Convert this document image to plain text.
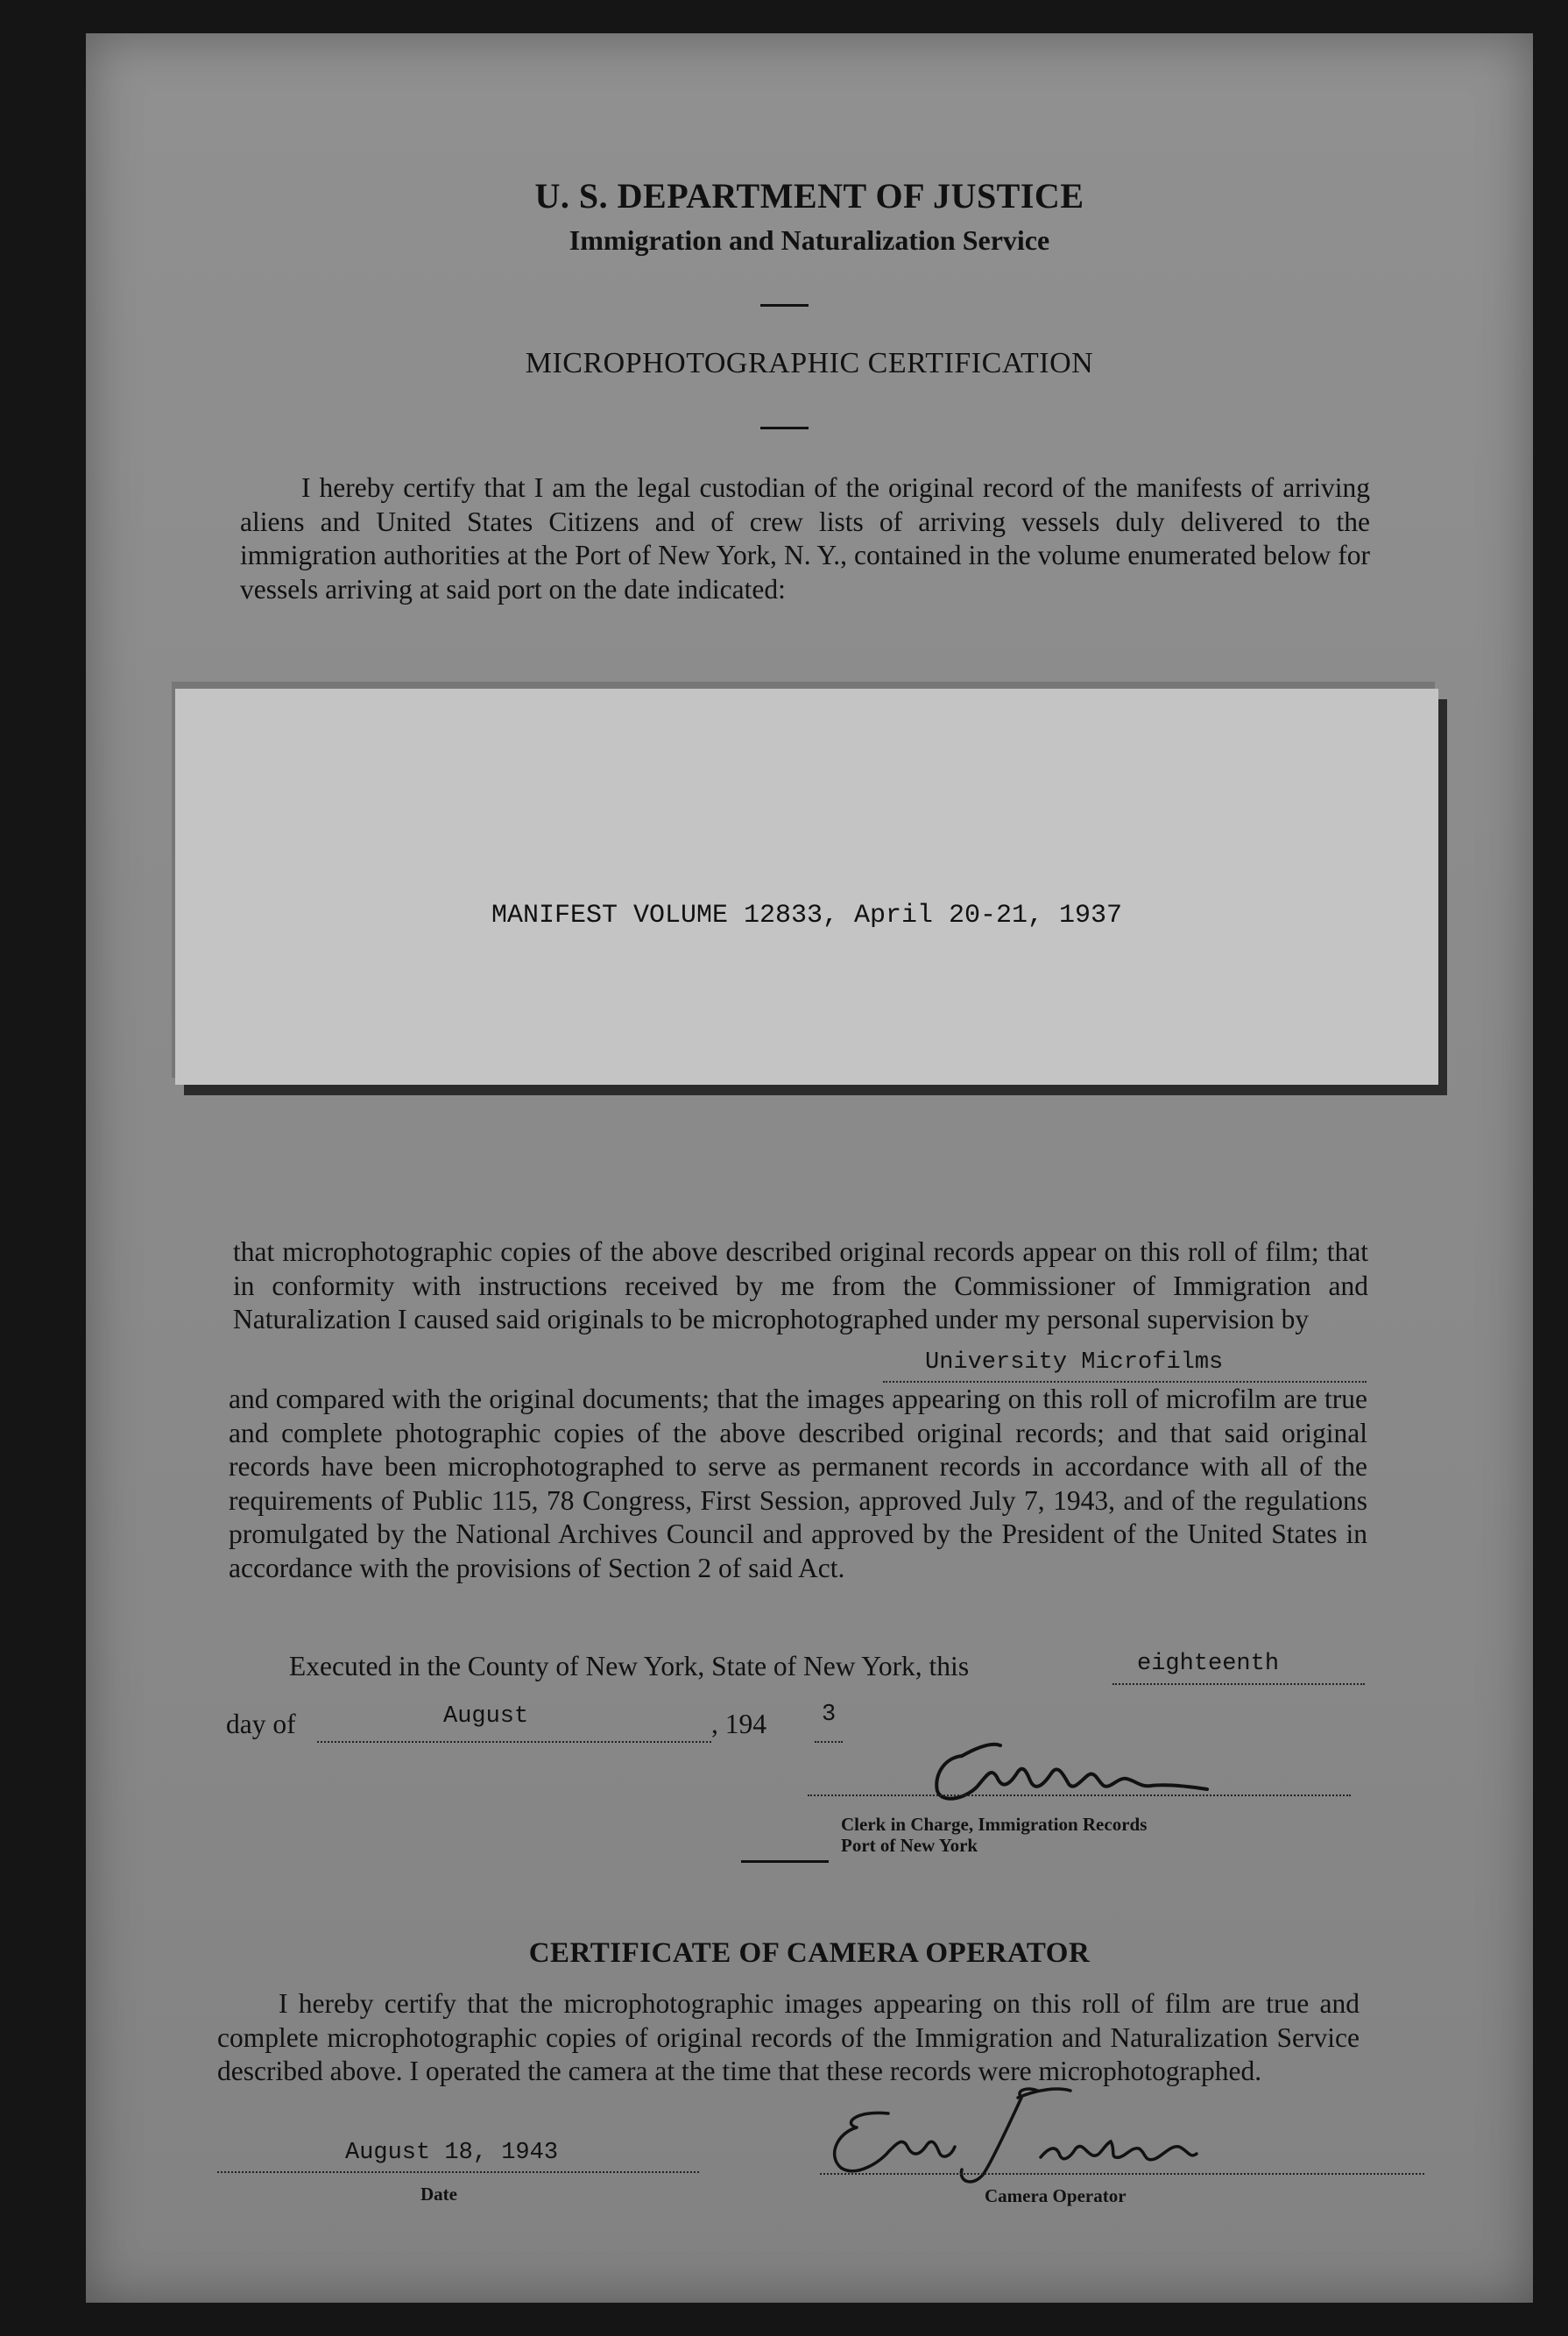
U. S. DEPARTMENT OF JUSTICE
Immigration and Naturalization Service
MICROPHOTOGRAPHIC CERTIFICATION
I hereby certify that I am the legal custodian of the original record of the manifests of arriving aliens and United States Citizens and of crew lists of arriving vessels duly delivered to the immigration authorities at the Port of New York, N. Y., contained in the volume enumerated below for vessels arriving at said port on the date indicated:
MANIFEST VOLUME 12833, April 20-21, 1937
that microphotographic copies of the above described original records appear on this roll of film; that in conformity with instructions received by me from the Commissioner of Immigration and Naturalization I caused said originals to be microphotographed under my personal supervision by
University Microfilms
and compared with the original documents; that the images appearing on this roll of microfilm are true and complete photographic copies of the above described original records; and that said original records have been microphotographed to serve as permanent records in accordance with all of the requirements of Public 115, 78 Congress, First Session, approved July 7, 1943, and of the regulations promulgated by the National Archives Council and approved by the President of the United States in accordance with the provisions of Section 2 of said Act.
Executed in the County of New York, State of New York, this	eighteenth
day of	August	, 194 3
Clerk in Charge, Immigration Records
Port of New York
CERTIFICATE OF CAMERA OPERATOR
I hereby certify that the microphotographic images appearing on this roll of film are true and complete microphotographic copies of original records of the Immigration and Naturalization Service described above. I operated the camera at the time that these records were microphotographed.
August 18, 1943
Date	Camera Operator
